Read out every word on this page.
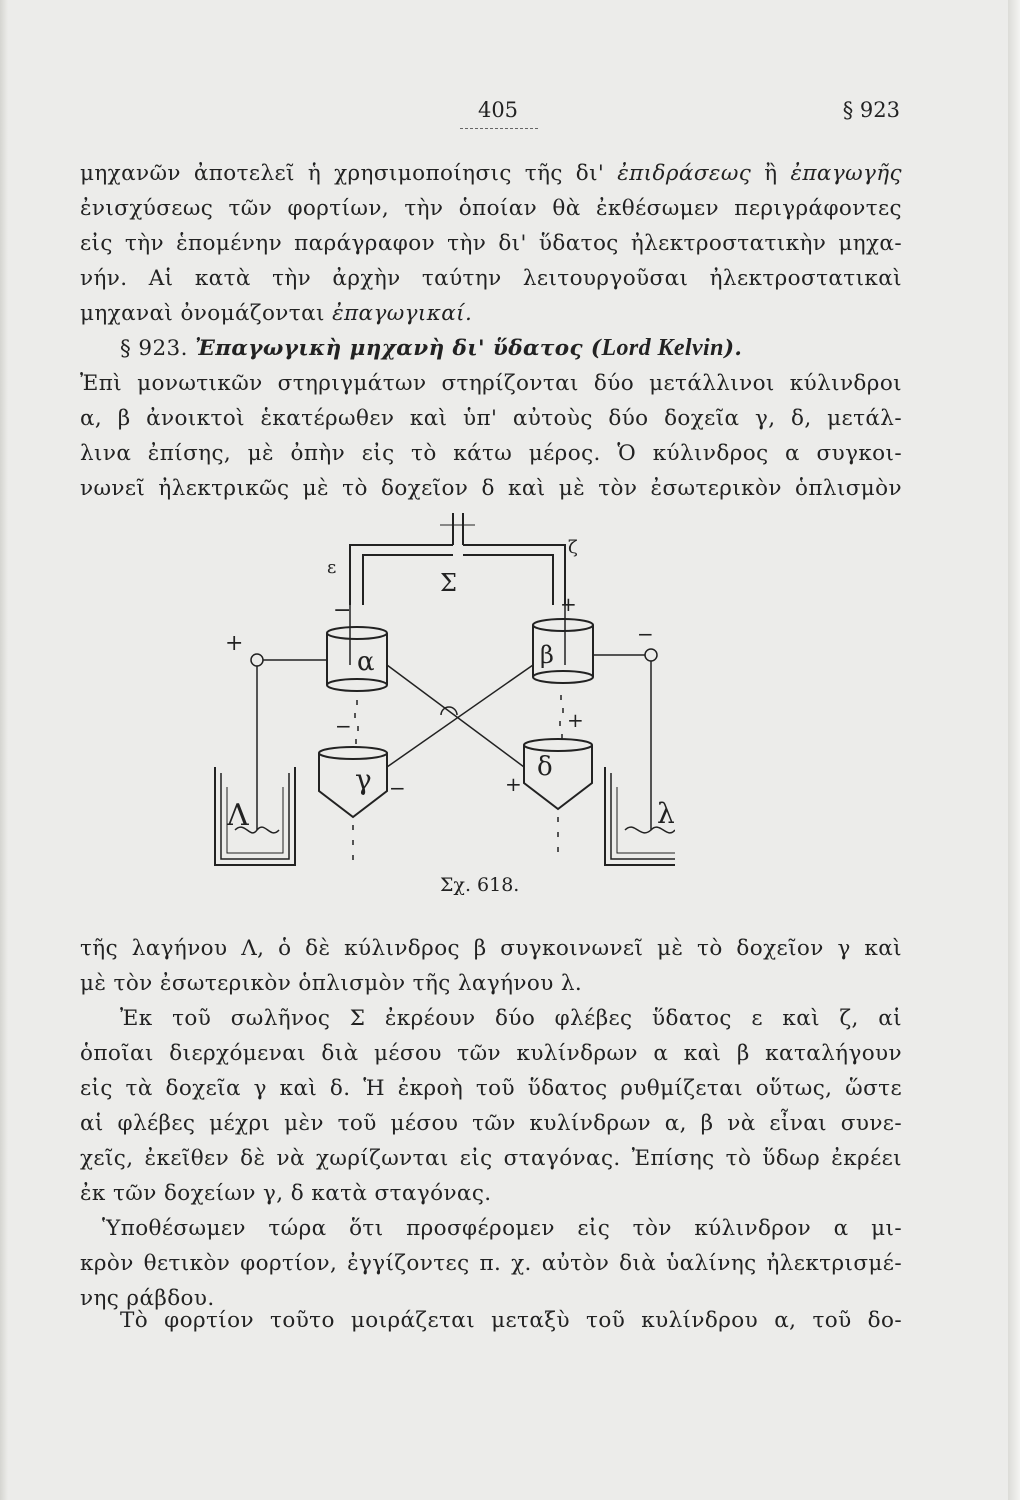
405	§ 923
μηχανῶν ἀποτελεῖ ἡ χρησιμοποίησις τῆς δι' ἐπιδράσεως ἢ ἐπαγωγῆς
ἐνισχύσεως τῶν φορτίων, τὴν ὁποίαν θὰ ἐκθέσωμεν περιγράφοντες
εἰς τὴν ἑπομένην παράγραφον τὴν δι' ὕδατος ἠλεκτροστατικὴν μηχα-
νήν. Αἱ κατὰ τὴν ἀρχὴν ταύτην λειτουργοῦσαι ἠλεκτροστατικαὶ
μηχαναὶ ὀνομάζονται ἐπαγωγικαί.
§ 923. Ἐπαγωγικὴ μηχανὴ δι' ὕδατος (Lord Kelvin).
Ἐπὶ μονωτικῶν στηριγμάτων στηρίζονται δύο μετάλλινοι κύλινδροι
α, β ἀνοικτοὶ ἑκατέρωθεν καὶ ὑπ' αὐτοὺς δύο δοχεῖα γ, δ, μετάλ-
λινα ἐπίσης, μὲ ὀπὴν εἰς τὸ κάτω μέρος. Ὁ κύλινδρος α συγκοι-
νωνεῖ ἠλεκτρικῶς μὲ τὸ δοχεῖον δ καὶ μὲ τὸν ἐσωτερικὸν ὁπλισμὸν
Σ
ε
ζ
α	β
γ	δ
Λ	λ
+
−
−
−
+
−
+
+
Σχ. 618.
τῆς λαγήνου Λ, ὁ δὲ κύλινδρος β συγκοινωνεῖ μὲ τὸ δοχεῖον γ καὶ
μὲ τὸν ἐσωτερικὸν ὁπλισμὸν τῆς λαγήνου λ.
Ἐκ τοῦ σωλῆνος Σ ἐκρέουν δύο φλέβες ὕδατος ε καὶ ζ, αἱ
ὁποῖαι διερχόμεναι διὰ μέσου τῶν κυλίνδρων α καὶ β καταλήγουν
εἰς τὰ δοχεῖα γ καὶ δ. Ἡ ἐκροὴ τοῦ ὕδατος ρυθμίζεται οὕτως, ὥστε
αἱ φλέβες μέχρι μὲν τοῦ μέσου τῶν κυλίνδρων α, β νὰ εἶναι συνε-
χεῖς, ἐκεῖθεν δὲ νὰ χωρίζωνται εἰς σταγόνας. Ἐπίσης τὸ ὕδωρ ἐκρέει
ἐκ τῶν δοχείων γ, δ κατὰ σταγόνας.
Ὑποθέσωμεν τώρα ὅτι προσφέρομεν εἰς τὸν κύλινδρον α μι-
κρὸν θετικὸν φορτίον, ἐγγίζοντες π. χ. αὐτὸν διὰ ὑαλίνης ἠλεκτρισμέ-
νης ράβδου.
Τὸ φορτίον τοῦτο μοιράζεται μεταξὺ τοῦ κυλίνδρου α, τοῦ δο-
